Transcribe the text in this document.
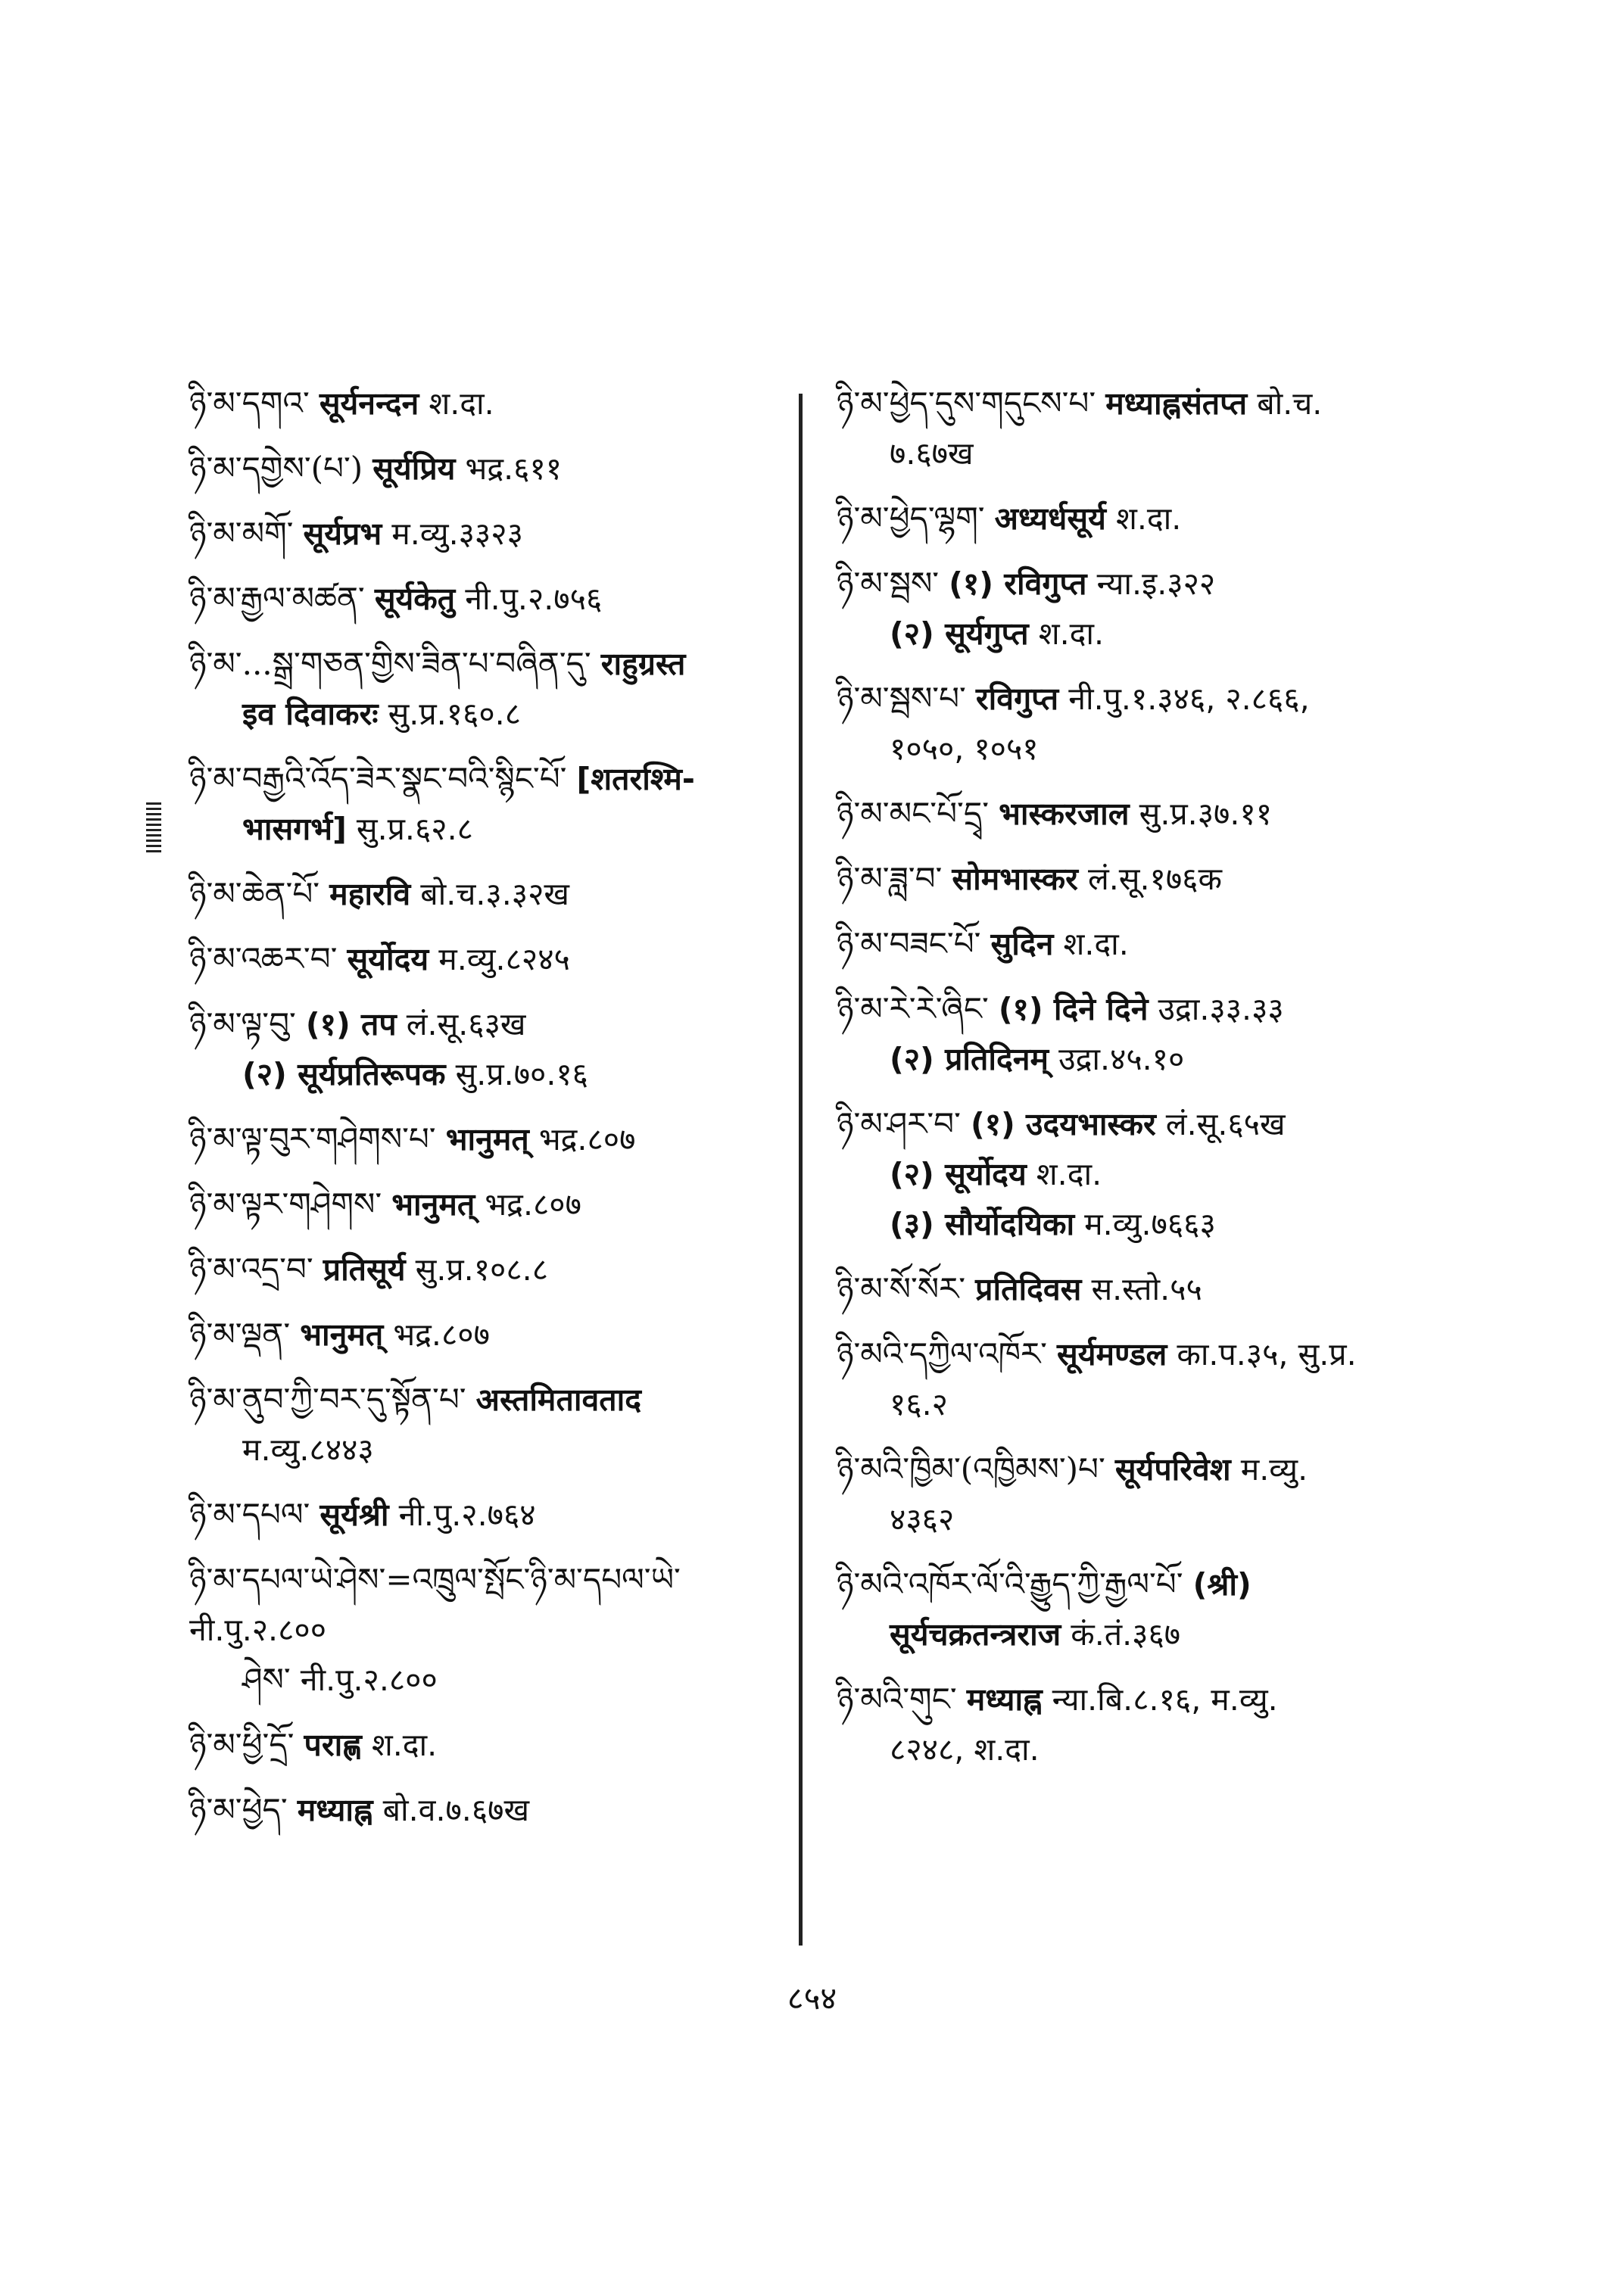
ཉི་མ་དགའ་ सूर्यनन्दन श.दा.
ཉི་མ་དགྱེས་(པ་) सूर्यप्रिय भद्र.६११
ཉི་མ་མགོ་ सूर्यप्रभ म.व्यु.३३२३
ཉི་མ་རྒྱལ་མཚན་ सूर्यकेतु नी.पु.२.७५६
ཉི་མ་...སྒྲ་གཅན་གྱིས་ཟིན་པ་བཞིན་དུ་ राहुग्रस्त
इव दिवाकरः सु.प्र.१६०.८
ཉི་མ་བརྒྱའི་འོད་ཟེར་སྣང་བའི་སྙིང་པོ་ [शतरश्मि-
भासगर्भ] सु.प्र.६२.८
ཉི་མ་ཆེན་པོ་ महारवि बो.च.३.३२ख
ཉི་མ་འཆར་བ་ सूर्योदय म.व्यु.८२४५
ཉི་མ་ལྟ་བུ་ (१) तप लं.सू.६३ख
(२) सूर्यप्रतिरूपक सु.प्र.७०.१६
ཉི་མ་ལྟ་བུར་གཤེགས་པ་ भानुमत् भद्र.८०७
ཉི་མ་ལྟར་གཤེགས་ भानुमत् भद्र.८०७
ཉི་མ་འདྲ་བ་ प्रतिसूर्य सु.प्र.१०८.८
ཉི་མ་ལྡན་ भानुमत् भद्र.८०७
ཉི་མ་ནུབ་ཀྱི་བར་དུ་སྟོན་པ་ अस्तमितावताद
म.व्यु.८४४३
ཉི་མ་དཔལ་ सूर्यश्री नी.पु.२.७६४
ཉི་མ་དཔལ་ཡེ་ཤེས་=འཁྲུལ་སྤོང་ཉི་མ་དཔལ་ཡེ་ नी.पु.२.८००
ཤེས་ नी.पु.२.८००
ཉི་མ་ཕྱི་དྲོ་ पराह्ण श.दा.
ཉི་མ་ཕྱེད་ मध्याह्न बो.व.७.६७ख
ཉི་མ་ཕྱེད་དུས་གདུངས་པ་ मध्याह्नसंतप्त बो.च.
७.६७ख
ཉི་མ་ཕྱེད་ལྷག་ अध्यर्धसूर्य श.दा.
ཉི་མ་སྦས་ (१) रविगुप्त न्या.इ.३२२
(२) सूर्यगुप्त श.दा.
ཉི་མ་སྦས་པ་ रविगुप्त नी.पु.१.३४६, २.८६६,
१०५०, १०५१
ཉི་མ་མང་པོ་དྲྭ་ भास्करजाल सु.प्र.३७.११
ཉི་མ་ཟླ་བ་ सोमभास्कर लं.सू.१७६क
ཉི་མ་བཟང་པོ་ सुदिन श.दा.
ཉི་མ་རེ་རེ་ཞིང་ (१) दिने दिने उद्रा.३३.३३
(२) प्रतिदिनम् उद्रा.४५.१०
ཉི་མ་ཤར་བ་ (१) उदयभास्कर लं.सू.६५ख
(२) सूर्योदय श.दा.
(३) सौर्योदयिका म.व्यु.७६६३
ཉི་མ་སོ་སོར་ प्रतिदिवस स.स्तो.५५
ཉི་མའི་དཀྱིལ་འཁོར་ सूर्यमण्डल का.प.३५, सु.प्र.
१६.२
ཉི་མའི་ཁྱིམ་(འཁྱིམས་)པ་ सूर्यपरिवेश म.व्यु.
४३६२
ཉི་མའི་འཁོར་ལོ་འི་རྒྱུད་ཀྱི་རྒྱལ་པོ་ (श्री)
सूर्यचक्रतन्त्रराज कं.तं.३६७
ཉི་མའི་གུང་ मध्याह्न न्या.बि.८.१६, म.व्यु.
८२४८, श.दा.
८५४
